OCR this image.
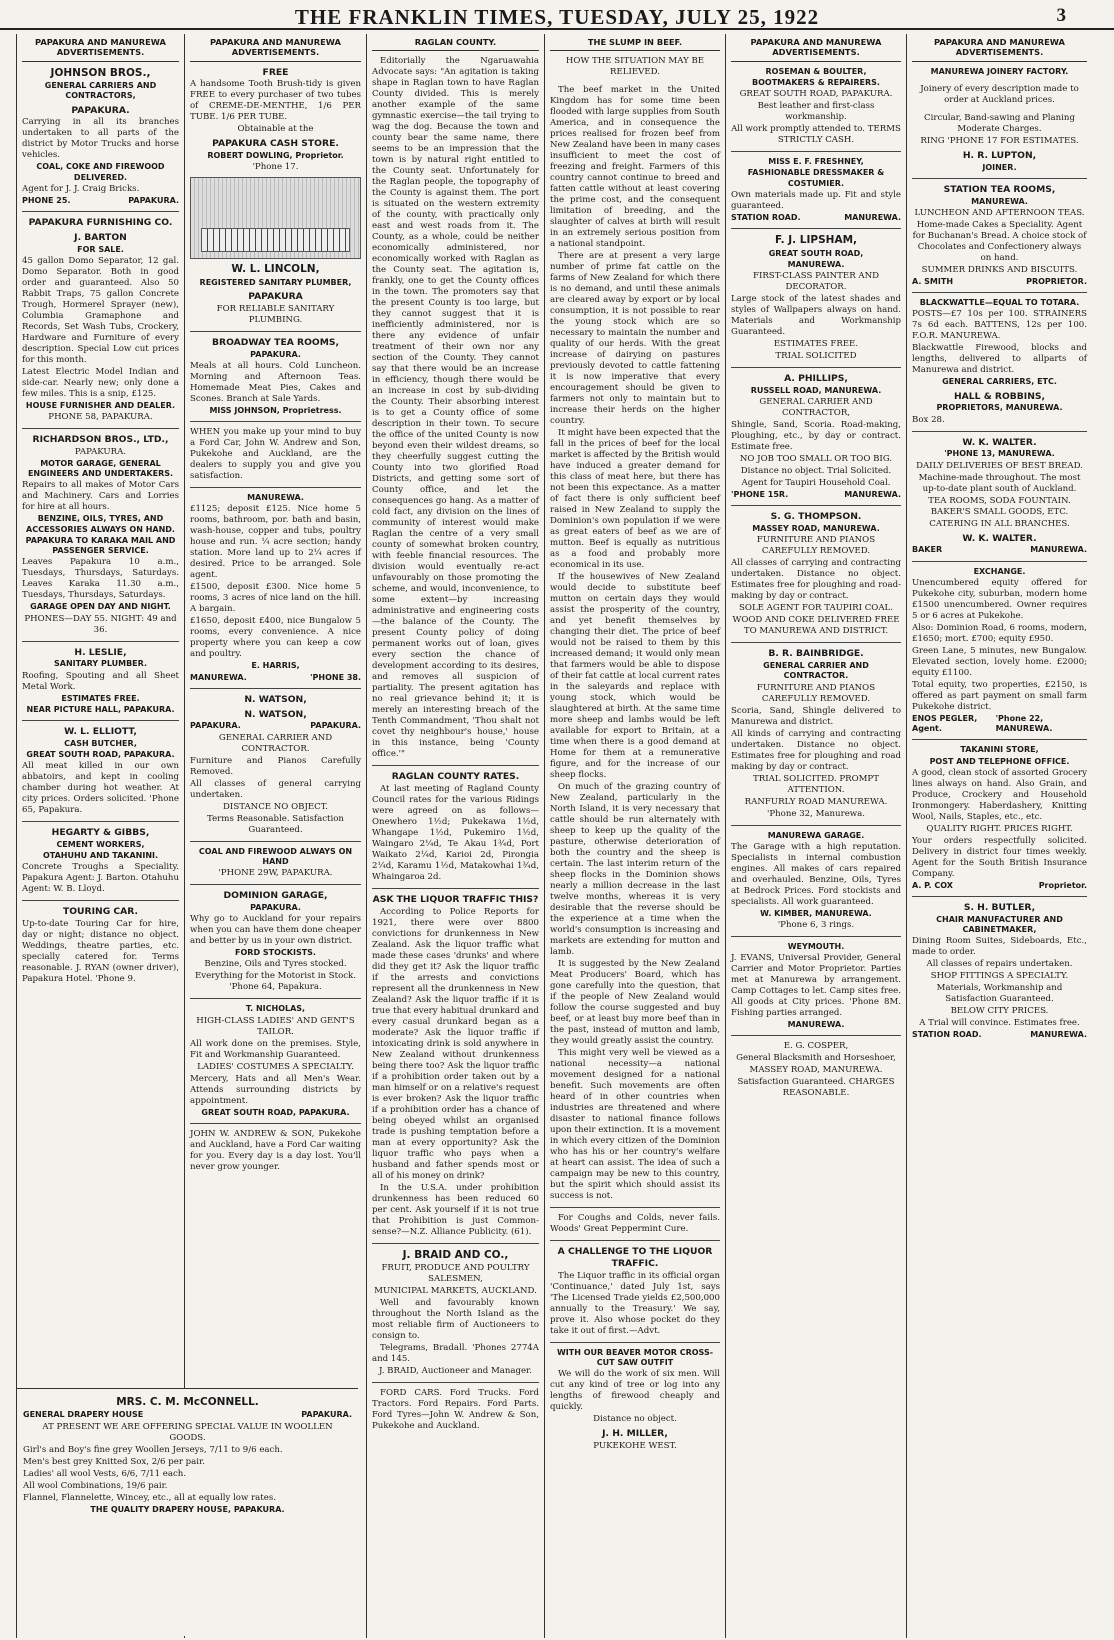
THE FRANKLIN TIMES, TUESDAY, JULY 25, 1922	3
PAPAKURA AND MANUREWA ADVERTISEMENTS.
JOHNSON BROS.,
GENERAL CARRIERS AND CONTRACTORS,
PAPAKURA.

Carrying in all its branches undertaken to all parts of the district by Motor Trucks and horse vehicles.

COAL, COKE AND FIREWOOD DELIVERED.

Agent for J. J. Craig Bricks.

PHONE 25.	PAPAKURA.
PAPAKURA FURNISHING CO.
J. BARTON
FOR SALE.

45 gallon Domo Separator, 12 gal. Domo Separator. Both in good order and guaranteed. Also 50 Rabbit Traps, 75 gallon Concrete Trough, Hormerel Sprayer (new), Columbia Gramaphone and Records, Set Wash Tubs, Crockery, Hardware and Furniture of every description. Special Low cut prices for this month.

Latest Electric Model Indian and side-car. Nearly new; only done a few miles. This is a snip, £125.

HOUSE FURNISHER AND DEALER.
PHONE 58, PAPAKURA.
RICHARDSON BROS., LTD.,
PAPAKURA.
MOTOR GARAGE, GENERAL ENGINEERS AND UNDERTAKERS.

Repairs to all makes of Motor Cars and Machinery. Cars and Lorries for hire at all hours.

BENZINE, OILS, TYRES, AND ACCESSORIES ALWAYS ON HAND.
PAPAKURA TO KARAKA MAIL AND PASSENGER SERVICE.

Leaves Papakura 10 a.m., Tuesdays, Thursdays, Saturdays. Leaves Karaka 11.30 a.m., Tuesdays, Thursdays, Saturdays.

GARAGE OPEN DAY AND NIGHT.
PHONES—DAY 55. NIGHT: 49 and 36.
H. LESLIE,
SANITARY PLUMBER.

Roofing, Spouting and all Sheet Metal Work.

ESTIMATES FREE.
NEAR PICTURE HALL, PAPAKURA.
W. L. ELLIOTT,
CASH BUTCHER,
GREAT SOUTH ROAD, PAPAKURA.

All meat killed in our own abbatoirs, and kept in cooling chamber during hot weather. At city prices. Orders solicited. 'Phone 65, Papakura.

HEGARTY & GIBBS,
CEMENT WORKERS,
OTAHUHU AND TAKANINI.

Concrete Troughs a Speciality. Papakura Agent: J. Barton. Otahuhu Agent: W. B. Lloyd.

TOURING CAR.

Up-to-date Touring Car for hire, day or night; distance no object. Weddings, theatre parties, etc. specially catered for. Terms reasonable. J. RYAN (owner driver), Papakura Hotel. 'Phone 9.

PAPAKURA AND MANUREWA ADVERTISEMENTS.
FREE

A handsome Tooth Brush-tidy is given FREE to every purchaser of two tubes of CREME-DE-MENTHE, 1/6 PER TUBE. 1/6 PER TUBE.

Obtainable at the
PAPAKURA CASH STORE.
ROBERT DOWLING, Proprietor.
'Phone 17.
W. L. LINCOLN,
REGISTERED SANITARY PLUMBER,
PAPAKURA
FOR RELIABLE SANITARY PLUMBING.
BROADWAY TEA ROOMS,
PAPAKURA.

Meals at all hours. Cold Luncheon. Morning and Afternoon Teas. Homemade Meat Pies, Cakes and Scones. Branch at Sale Yards.

MISS JOHNSON, Proprietress.

WHEN you make up your mind to buy a Ford Car, John W. Andrew and Son, Pukekohe and Auckland, are the dealers to supply you and give you satisfaction.

MANUREWA.

£1125; deposit £125. Nice home 5 rooms, bathroom, por. bath and basin, wash-house, copper and tubs, poultry house and run. ¼ acre section; handy station. More land up to 2¼ acres if desired. Price to be arranged. Sole agent.

£1500, deposit £300. Nice home 5 rooms, 3 acres of nice land on the hill. A bargain.

£1650, deposit £400, nice Bungalow 5 rooms, every convenience. A nice property where you can keep a cow and poultry.

E. HARRIS,
MANUREWA.	'PHONE 38.
N. WATSON,
N. WATSON,
PAPAKURA.	PAPAKURA.
GENERAL CARRIER AND CONTRACTOR.

Furniture and Pianos Carefully Removed.

All classes of general carrying undertaken.

DISTANCE NO OBJECT.
Terms Reasonable. Satisfaction Guaranteed.
COAL AND FIREWOOD ALWAYS ON HAND
'PHONE 29W, PAPAKURA.
DOMINION GARAGE,
PAPAKURA.

Why go to Auckland for your repairs when you can have them done cheaper and better by us in your own district.

FORD STOCKISTS.
Benzine, Oils and Tyres stocked.
Everything for the Motorist in Stock. 'Phone 64, Papakura.
T. NICHOLAS,
HIGH-CLASS LADIES' AND GENT'S TAILOR.

All work done on the premises. Style, Fit and Workmanship Guaranteed.

LADIES' COSTUMES A SPECIALTY.

Mercery, Hats and all Men's Wear. Attends surrounding districts by appointment.

GREAT SOUTH ROAD, PAPAKURA.

JOHN W. ANDREW & SON, Pukekohe and Auckland, have a Ford Car waiting for you. Every day is a day lost. You'll never grow younger.

RAGLAN COUNTY.

Editorially the Ngaruawahia Advocate says: "An agitation is taking shape in Raglan town to have Raglan County divided. This is merely another example of the same gymnastic exercise—the tail trying to wag the dog. Because the town and county bear the same name, there seems to be an impression that the town is by natural right entitled to the County seat. Unfortunately for the Raglan people, the topography of the County is against them. The port is situated on the western extremity of the county, with practically only east and west roads from it. The County, as a whole, could be neither economically administered, nor economically worked with Raglan as the County seat. The agitation is, frankly, one to get the County offices in the town. The promoters say that the present County is too large, but they cannot suggest that it is inefficiently administered, nor is there any evidence of unfair treatment of their own nor any section of the County. They cannot say that there would be an increase in efficiency, though there would be an increase in cost by sub-dividing the County. Their absorbing interest is to get a County office of some description in their town. To secure the office of the united County is now beyond even their wildest dreams, so they cheerfully suggest cutting the County into two glorified Road Districts, and getting some sort of County office, and let the consequences go hang. As a matter of cold fact, any division on the lines of community of interest would make Raglan the centre of a very small county of somewhat broken country, with feeble financial resources. The division would eventually re-act unfavourably on those promoting the scheme, and would, inconvenience, to some extent—by increasing administrative and engineering costs—the balance of the County. The present County policy of doing permanent works out of loan, gives every section the chance of development according to its desires, and removes all suspicion of partiality. The present agitation has no real grievance behind it; it is merely an interesting breach of the Tenth Commandment, 'Thou shalt not covet thy neighbour's house,' house in this instance, being 'County office.'"

RAGLAN COUNTY RATES.

At last meeting of Ragland County Council rates for the various Ridings were agreed on as follows—Onewhero 1½d; Pukekawa 1½d, Whangape 1½d, Pukemiro 1½d, Waingaro 2¼d, Te Akau 1¾d, Port Waikato 2¼d, Karioi 2d, Pirongia 2¼d, Karamu 1½d, Matakowhai 1¾d, Whaingaroa 2d.

ASK THE LIQUOR TRAFFIC THIS?

According to Police Reports for 1921, there were over 8800 convictions for drunkenness in New Zealand. Ask the liquor traffic what made these cases 'drunks' and where did they get it? Ask the liquor traffic if the arrests and convictions represent all the drunkenness in New Zealand? Ask the liquor traffic if it is true that every habitual drunkard and every casual drunkard began as a moderate? Ask the liquor traffic if intoxicating drink is sold anywhere in New Zealand without drunkenness being there too? Ask the liquor traffic if a prohibition order taken out by a man himself or on a relative's request is ever broken? Ask the liquor traffic if a prohibition order has a chance of being obeyed whilst an organised trade is pushing temptation before a man at every opportunity? Ask the liquor traffic who pays when a husband and father spends most or all of his money on drink?

In the U.S.A. under prohibition drunkenness has been reduced 60 per cent. Ask yourself if it is not true that Prohibition is just Common-sense?—N.Z. Alliance Publicity. (61).

J. BRAID AND CO.,
FRUIT, PRODUCE AND POULTRY SALESMEN,
MUNICIPAL MARKETS, AUCKLAND.

Well and favourably known throughout the North Island as the most reliable firm of Auctioneers to consign to.

Telegrams, Bradall. 'Phones 2774A and 145.

J. BRAID, Auctioneer and Manager.

FORD CARS. Ford Trucks. Ford Tractors. Ford Repairs. Ford Parts. Ford Tyres—John W. Andrew & Son, Pukekohe and Auckland.

THE SLUMP IN BEEF.
HOW THE SITUATION MAY BE RELIEVED.

The beef market in the United Kingdom has for some time been flooded with large supplies from South America, and in consequence the prices realised for frozen beef from New Zealand have been in many cases insufficient to meet the cost of freezing and freight. Farmers of this country cannot continue to breed and fatten cattle without at least covering the prime cost, and the consequent limitation of breeding, and the slaughter of calves at birth will result in an extremely serious position from a national standpoint.

There are at present a very large number of prime fat cattle on the farms of New Zealand for which there is no demand, and until these animals are cleared away by export or by local consumption, it is not possible to rear the young stock which are so necessary to maintain the number and quality of our herds. With the great increase of dairying on pastures previously devoted to cattle fattening it is now imperative that every encouragement should be given to farmers not only to maintain but to increase their herds on the higher country.

It might have been expected that the fall in the prices of beef for the local market is affected by the British would have induced a greater demand for this class of meat here, but there has not been this expectance. As a matter of fact there is only sufficient beef raised in New Zealand to supply the Dominion's own population if we were as great eaters of beef as we are of mutton. Beef is equally as nutritious as a food and probably more economical in its use.

If the housewives of New Zealand would decide to substitute beef mutton on certain days they would assist the prosperity of the country, and yet benefit themselves by changing their diet. The price of beef would not be raised to them by this increased demand; it would only mean that farmers would be able to dispose of their fat cattle at local current rates in the saleyards and replace with young stock, which would be slaughtered at birth. At the same time more sheep and lambs would be left available for export to Britain, at a time when there is a good demand at Home for them at a remunerative figure, and for the increase of our sheep flocks.

On much of the grazing country of New Zealand, particularly in the North Island, it is very necessary that cattle should be run alternately with sheep to keep up the quality of the pasture, otherwise deterioration of both the country and the sheep is certain. The last interim return of the sheep flocks in the Dominion shows nearly a million decrease in the last twelve months, whereas it is very desirable that the reverse should be the experience at a time when the world's consumption is increasing and markets are extending for mutton and lamb.

It is suggested by the New Zealand Meat Producers' Board, which has gone carefully into the question, that if the people of New Zealand would follow the course suggested and buy beef, or at least buy more beef than in the past, instead of mutton and lamb, they would greatly assist the country.

This might very well be viewed as a national necessity—a national movement designed for a national benefit. Such movements are often heard of in other countries when industries are threatened and where disaster to national finance follows upon their extinction. It is a movement in which every citizen of the Dominion who has his or her country's welfare at heart can assist. The idea of such a campaign may be new to this country, but the spirit which should assist its success is not.

For Coughs and Colds, never fails. Woods' Great Peppermint Cure.

A CHALLENGE TO THE LIQUOR TRAFFIC.

The Liquor traffic in its official organ 'Continuance,' dated July 1st, says 'The Licensed Trade yields £2,500,000 annually to the Treasury.' We say, prove it. Also whose pocket do they take it out of first.—Advt.

WITH OUR BEAVER MOTOR CROSS-CUT SAW OUTFIT

We will do the work of six men. Will cut any kind of tree or log into any lengths of firewood cheaply and quickly.

Distance no object.
J. H. MILLER,
PUKEKOHE WEST.
PAPAKURA AND MANUREWA ADVERTISEMENTS.
ROSEMAN & BOULTER,
BOOTMAKERS & REPAIRERS.
GREAT SOUTH ROAD, PAPAKURA.
Best leather and first-class workmanship.
All work promptly attended to. TERMS STRICTLY CASH.
MISS E. F. FRESHNEY,
FASHIONABLE DRESSMAKER & COSTUMIER.

Own materials made up. Fit and style guaranteed.

STATION ROAD.	MANUREWA.
F. J. LIPSHAM,
GREAT SOUTH ROAD,
MANUREWA.
FIRST-CLASS PAINTER AND DECORATOR.

Large stock of the latest shades and styles of Wallpapers always on hand. Materials and Workmanship Guaranteed.

ESTIMATES FREE.
TRIAL SOLICITED
A. PHILLIPS,
RUSSELL ROAD, MANUREWA.
GENERAL CARRIER AND CONTRACTOR,

Shingle, Sand, Scoria. Road-making, Ploughing, etc., by day or contract. Estimate free.

NO JOB TOO SMALL OR TOO BIG.
Distance no object. Trial Solicited.
Agent for Taupiri Household Coal.
'PHONE 15R.	MANUREWA.
S. G. THOMPSON.
MASSEY ROAD, MANUREWA.
FURNITURE AND PIANOS CAREFULLY REMOVED.

All classes of carrying and contracting undertaken. Distance no object. Estimates free for ploughing and road-making by day or contract.

SOLE AGENT FOR TAUPIRI COAL.
WOOD AND COKE DELIVERED FREE TO MANUREWA AND DISTRICT.
B. R. BAINBRIDGE.
GENERAL CARRIER AND CONTRACTOR.
FURNITURE AND PIANOS CAREFULLY REMOVED.

Scoria, Sand, Shingle delivered to Manurewa and district.

All kinds of carrying and contracting undertaken. Distance no object. Estimates free for ploughing and road making by day or contract.

TRIAL SOLICITED. PROMPT ATTENTION.
RANFURLY ROAD MANUREWA.
'Phone 32, Manurewa.
MANUREWA GARAGE.

The Garage with a high reputation. Specialists in internal combustion engines. All makes of cars repaired and overhauled. Benzine, Oils, Tyres at Bedrock Prices. Ford stockists and specialists. All work guaranteed.

W. KIMBER, MANUREWA.
'Phone 6, 3 rings.
WEYMOUTH.

J. EVANS, Universal Provider, General Carrier and Motor Proprietor. Parties met at Manurewa by arrangement. Camp Cottages to let. Camp sites free. All goods at City prices. 'Phone 8M. Fishing parties arranged.

MANUREWA.
E. G. COSPER,
General Blacksmith and Horseshoer,
MASSEY ROAD, MANUREWA.
Satisfaction Guaranteed. CHARGES REASONABLE.
PAPAKURA AND MANUREWA ADVERTISEMENTS.
MANUREWA JOINERY FACTORY.
Joinery of every description made to order at Auckland prices.
Circular, Band-sawing and Planing Moderate Charges.
RING 'PHONE 17 FOR ESTIMATES.
H. R. LUPTON,
JOINER.
STATION TEA ROOMS,
MANUREWA.
LUNCHEON AND AFTERNOON TEAS.
Home-made Cakes a Speciality. Agent for Buchanan's Bread. A choice stock of Chocolates and Confectionery always on hand.
SUMMER DRINKS AND BISCUITS.
A. SMITH	PROPRIETOR.
BLACKWATTLE—EQUAL TO TOTARA.

POSTS—£7 10s per 100. STRAINERS 7s 6d each. BATTENS, 12s per 100. F.O.R. MANUREWA.

Blackwattle Firewood, blocks and lengths, delivered to allparts of Manurewa and district.

GENERAL CARRIERS, ETC.
HALL & ROBBINS,
PROPRIETORS, MANUREWA.

Box 28.

W. K. WALTER.
'PHONE 13, MANUREWA.
DAILY DELIVERIES OF BEST BREAD.
Machine-made throughout. The most up-to-date plant south of Auckland.
TEA ROOMS, SODA FOUNTAIN. BAKER'S SMALL GOODS, ETC.
CATERING IN ALL BRANCHES.
W. K. WALTER.
BAKER	MANUREWA.
EXCHANGE.

Unencumbered equity offered for Pukekohe city, suburban, modern home £1500 unencumbered. Owner requires 5 or 6 acres at Pukekohe.

Also: Dominion Road, 6 rooms, modern, £1650; mort. £700; equity £950.

Green Lane, 5 minutes, new Bungalow. Elevated section, lovely home. £2000; equity £1100.

Total equity, two properties, £2150, is offered as part payment on small farm Pukekohe district.

ENOS PEGLER, Agent.
'Phone 22, MANUREWA.
TAKANINI STORE,
POST AND TELEPHONE OFFICE.

A good, clean stock of assorted Grocery lines always on hand. Also Grain, and Produce, Crockery and Household Ironmongery. Haberdashery, Knitting Wool, Nails, Staples, etc., etc.

QUALITY RIGHT. PRICES RIGHT.

Your orders respectfully solicited. Delivery in district four times weekly. Agent for the South British Insurance Company.

A. P. COX	Proprietor.
S. H. BUTLER,
CHAIR MANUFACTURER AND CABINETMAKER,

Dining Room Suites, Sideboards, Etc., made to order.

All classes of repairs undertaken.
SHOP FITTINGS A SPECIALTY.
Materials, Workmanship and Satisfaction Guaranteed.
BELOW CITY PRICES.
A Trial will convince. Estimates free.
STATION ROAD.	MANUREWA.
MRS. C. M. McCONNELL.
GENERAL DRAPERY HOUSE	PAPAKURA.
AT PRESENT WE ARE OFFERING SPECIAL VALUE IN WOOLLEN GOODS.

Girl's and Boy's fine grey Woollen Jerseys, 7/11 to 9/6 each.

Men's best grey Knitted Sox, 2/6 per pair.

Ladies' all wool Vests, 6/6, 7/11 each.

All wool Combinations, 19/6 pair.

Flannel, Flannelette, Wincey, etc., all at equally low rates.

THE QUALITY DRAPERY HOUSE, PAPAKURA.
